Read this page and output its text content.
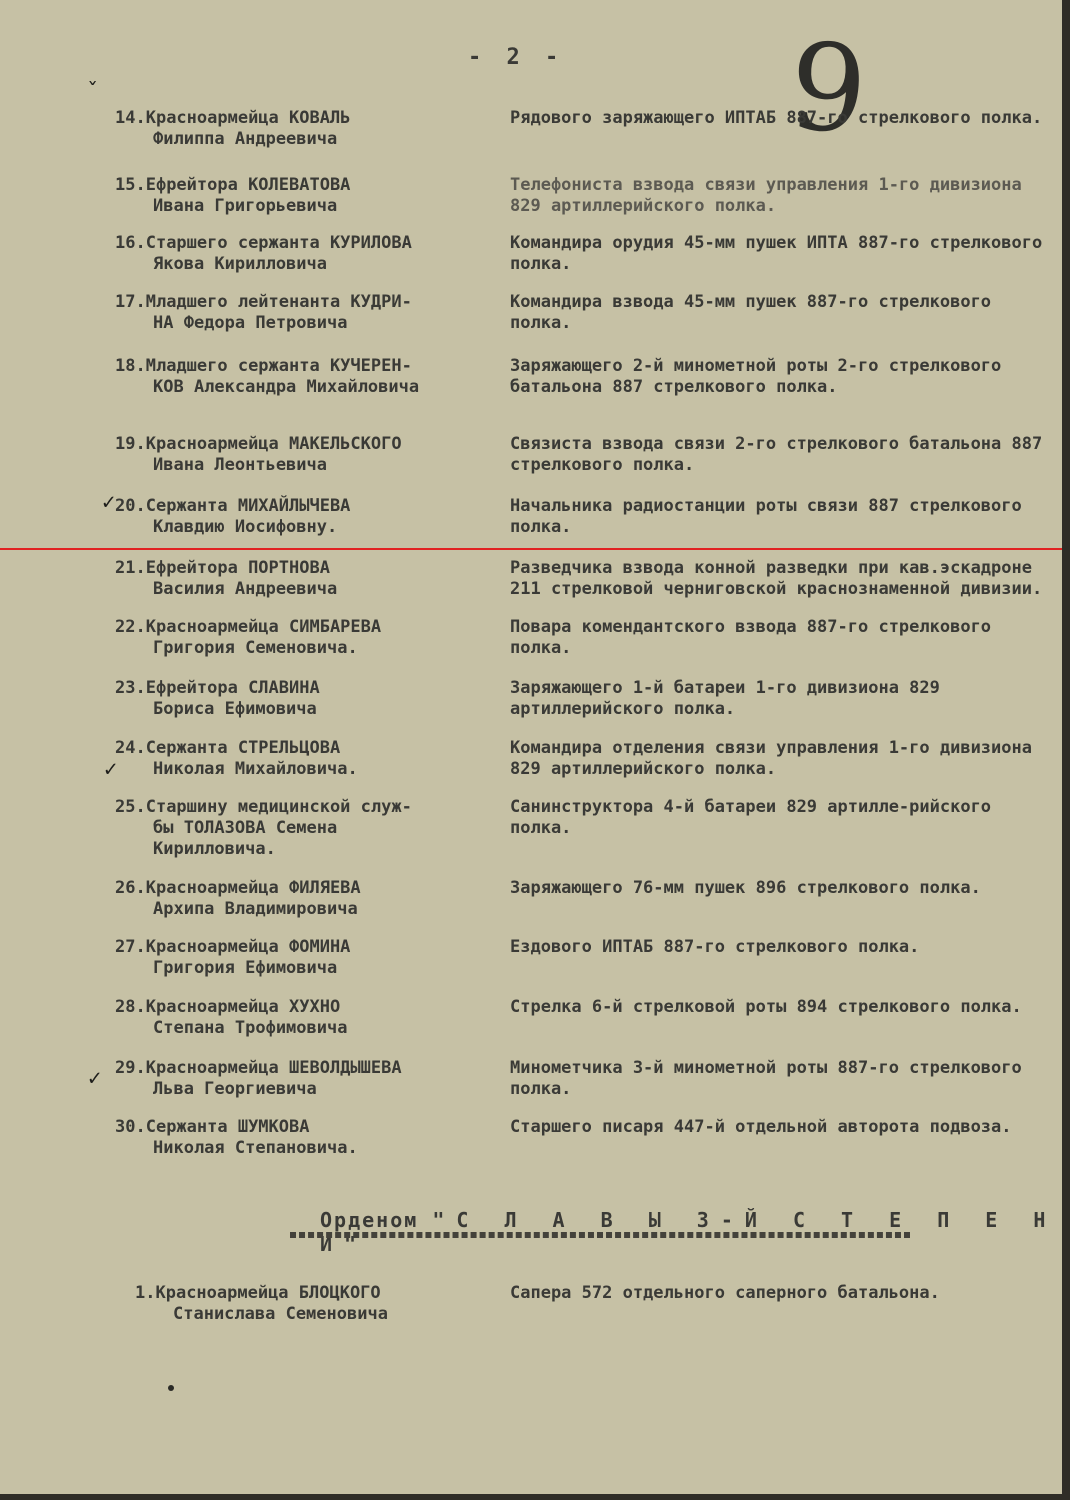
- 2 - 9
14.Красноармейца КОВАЛЬ
Филиппа Андреевича
Рядового заряжающего ИПТАБ 887-го стрелкового полка.
15.Ефрейтора КОЛЕВАТОВА
Ивана Григорьевича
Телефониста взвода связи управления 1-го дивизиона 829 артиллерийского полка.
16.Старшего сержанта КУРИЛОВА
Якова Кирилловича
Командира орудия 45-мм пушек ИПТА 887-го стрелкового полка.
17.Младшего лейтенанта КУДРИ-
НА Федора Петровича
Командира взвода 45-мм пушек 887-го стрелкового полка.
18.Младшего сержанта КУЧЕРЕН-
КОВ Александра Михайловича
Заряжающего 2-й минометной роты 2-го стрелкового батальона 887 стрелкового полка.
19.Красноармейца МАКЕЛЬСКОГО
Ивана Леонтьевича
Связиста взвода связи 2-го стрелкового батальона 887 стрелкового полка.
20.Сержанта МИХАЙЛЫЧЕВА
Клавдию Иосифовну.
Начальника радиостанции роты связи 887 стрелкового полка.
21.Ефрейтора ПОРТНОВА
Василия Андреевича
Разведчика взвода конной разведки при кав.эскадроне 211 стрелковой черниговской краснознаменной дивизии.
22.Красноармейца СИМБАРЕВА
Григория Семеновича.
Повара комендантского взвода 887-го стрелкового полка.
23.Ефрейтора СЛАВИНА
Бориса Ефимовича
Заряжающего 1-й батареи 1-го дивизиона 829 артиллерийского полка.
24.Сержанта СТРЕЛЬЦОВА
Николая Михайловича.
Командира отделения связи управления 1-го дивизиона 829 артиллерийского полка.
25.Старшину медицинской служ-
бы ТОЛАЗОВА Семена
Кирилловича.
Санинструктора 4-й батареи 829 артилле-рийского полка.
26.Красноармейца ФИЛЯЕВА
Архипа Владимировича
Заряжающего 76-мм пушек 896 стрелкового полка.
27.Красноармейца ФОМИНА
Григория Ефимовича
Ездового ИПТАБ 887-го стрелкового полка.
28.Красноармейца ХУХНО
Степана Трофимовича
Стрелка 6-й стрелковой роты 894 стрелкового полка.
29.Красноармейца ШЕВОЛДЫШЕВА
Льва Георгиевича
Минометчика 3-й минометной роты 887-го стрелкового полка.
30.Сержанта ШУМКОВА
Николая Степановича.
Старшего писаря 447-й отдельной авторота подвоза.
Орденом "С Л А В Ы 3-Й С Т Е П Е Н И"
1.Красноармейца БЛОЦКОГО
Станислава Семеновича
Сапера 572 отдельного саперного батальона.
ˇ
✓
✓
✓
